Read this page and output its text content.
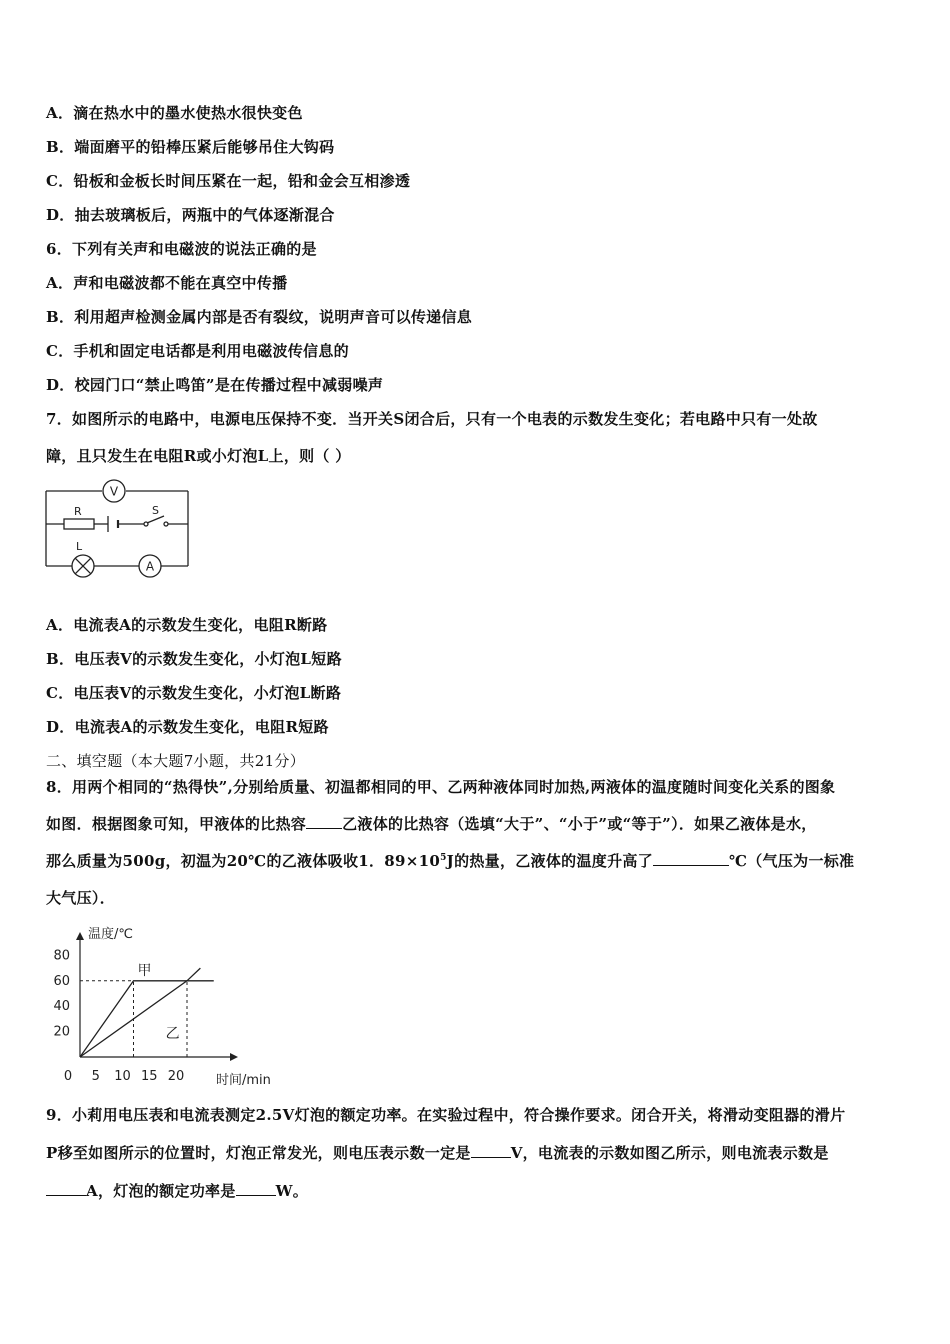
A．滴在热水中的墨水使热水很快变色
B．端面磨平的铅棒压紧后能够吊住大钩码
C．铅板和金板长时间压紧在一起，铅和金会互相渗透
D．抽去玻璃板后，两瓶中的气体逐渐混合
6．下列有关声和电磁波的说法正确的是
A．声和电磁波都不能在真空中传播
B．利用超声检测金属内部是否有裂纹，说明声音可以传递信息
C．手机和固定电话都是利用电磁波传信息的
D．校园门口“禁止鸣笛”是在传播过程中减弱噪声
7．如图所示的电路中，电源电压保持不变．当开关S闭合后，只有一个电表的示数发生变化；若电路中只有一处故
障，且只发生在电阻R或小灯泡L上，则（ ）
V
R	S
L
A
A．电流表A的示数发生变化，电阻R断路
B．电压表V的示数发生变化，小灯泡L短路
C．电压表V的示数发生变化，小灯泡L断路
D．电流表A的示数发生变化，电阻R短路
二、填空题（本大题7小题，共21分）
8．用两个相同的“热得快”,分别给质量、初温都相同的甲、乙两种液体同时加热,两液体的温度随时间变化关系的图象
如图．根据图象可知，甲液体的比热容 乙液体的比热容（选填“大于”、“小于”或“等于”）．如果乙液体是水，
那么质量为500g，初温为20℃的乙液体吸收1．$89\times 10^5J$的热量，乙液体的温度升高了	℃（气压为一标准
大气压）．
温度/℃
时间/min
0 5 10 15 20
20
40
60
80
甲
乙
9．小莉用电压表和电流表测定2.5V灯泡的额定功率。在实验过程中，符合操作要求。闭合开关，将滑动变阻器的滑片
P移至如图所示的位置时，灯泡正常发光，则电压表示数一定是	V，电流表的示数如图乙所示，则电流表示数是
A，灯泡的额定功率是	W。
